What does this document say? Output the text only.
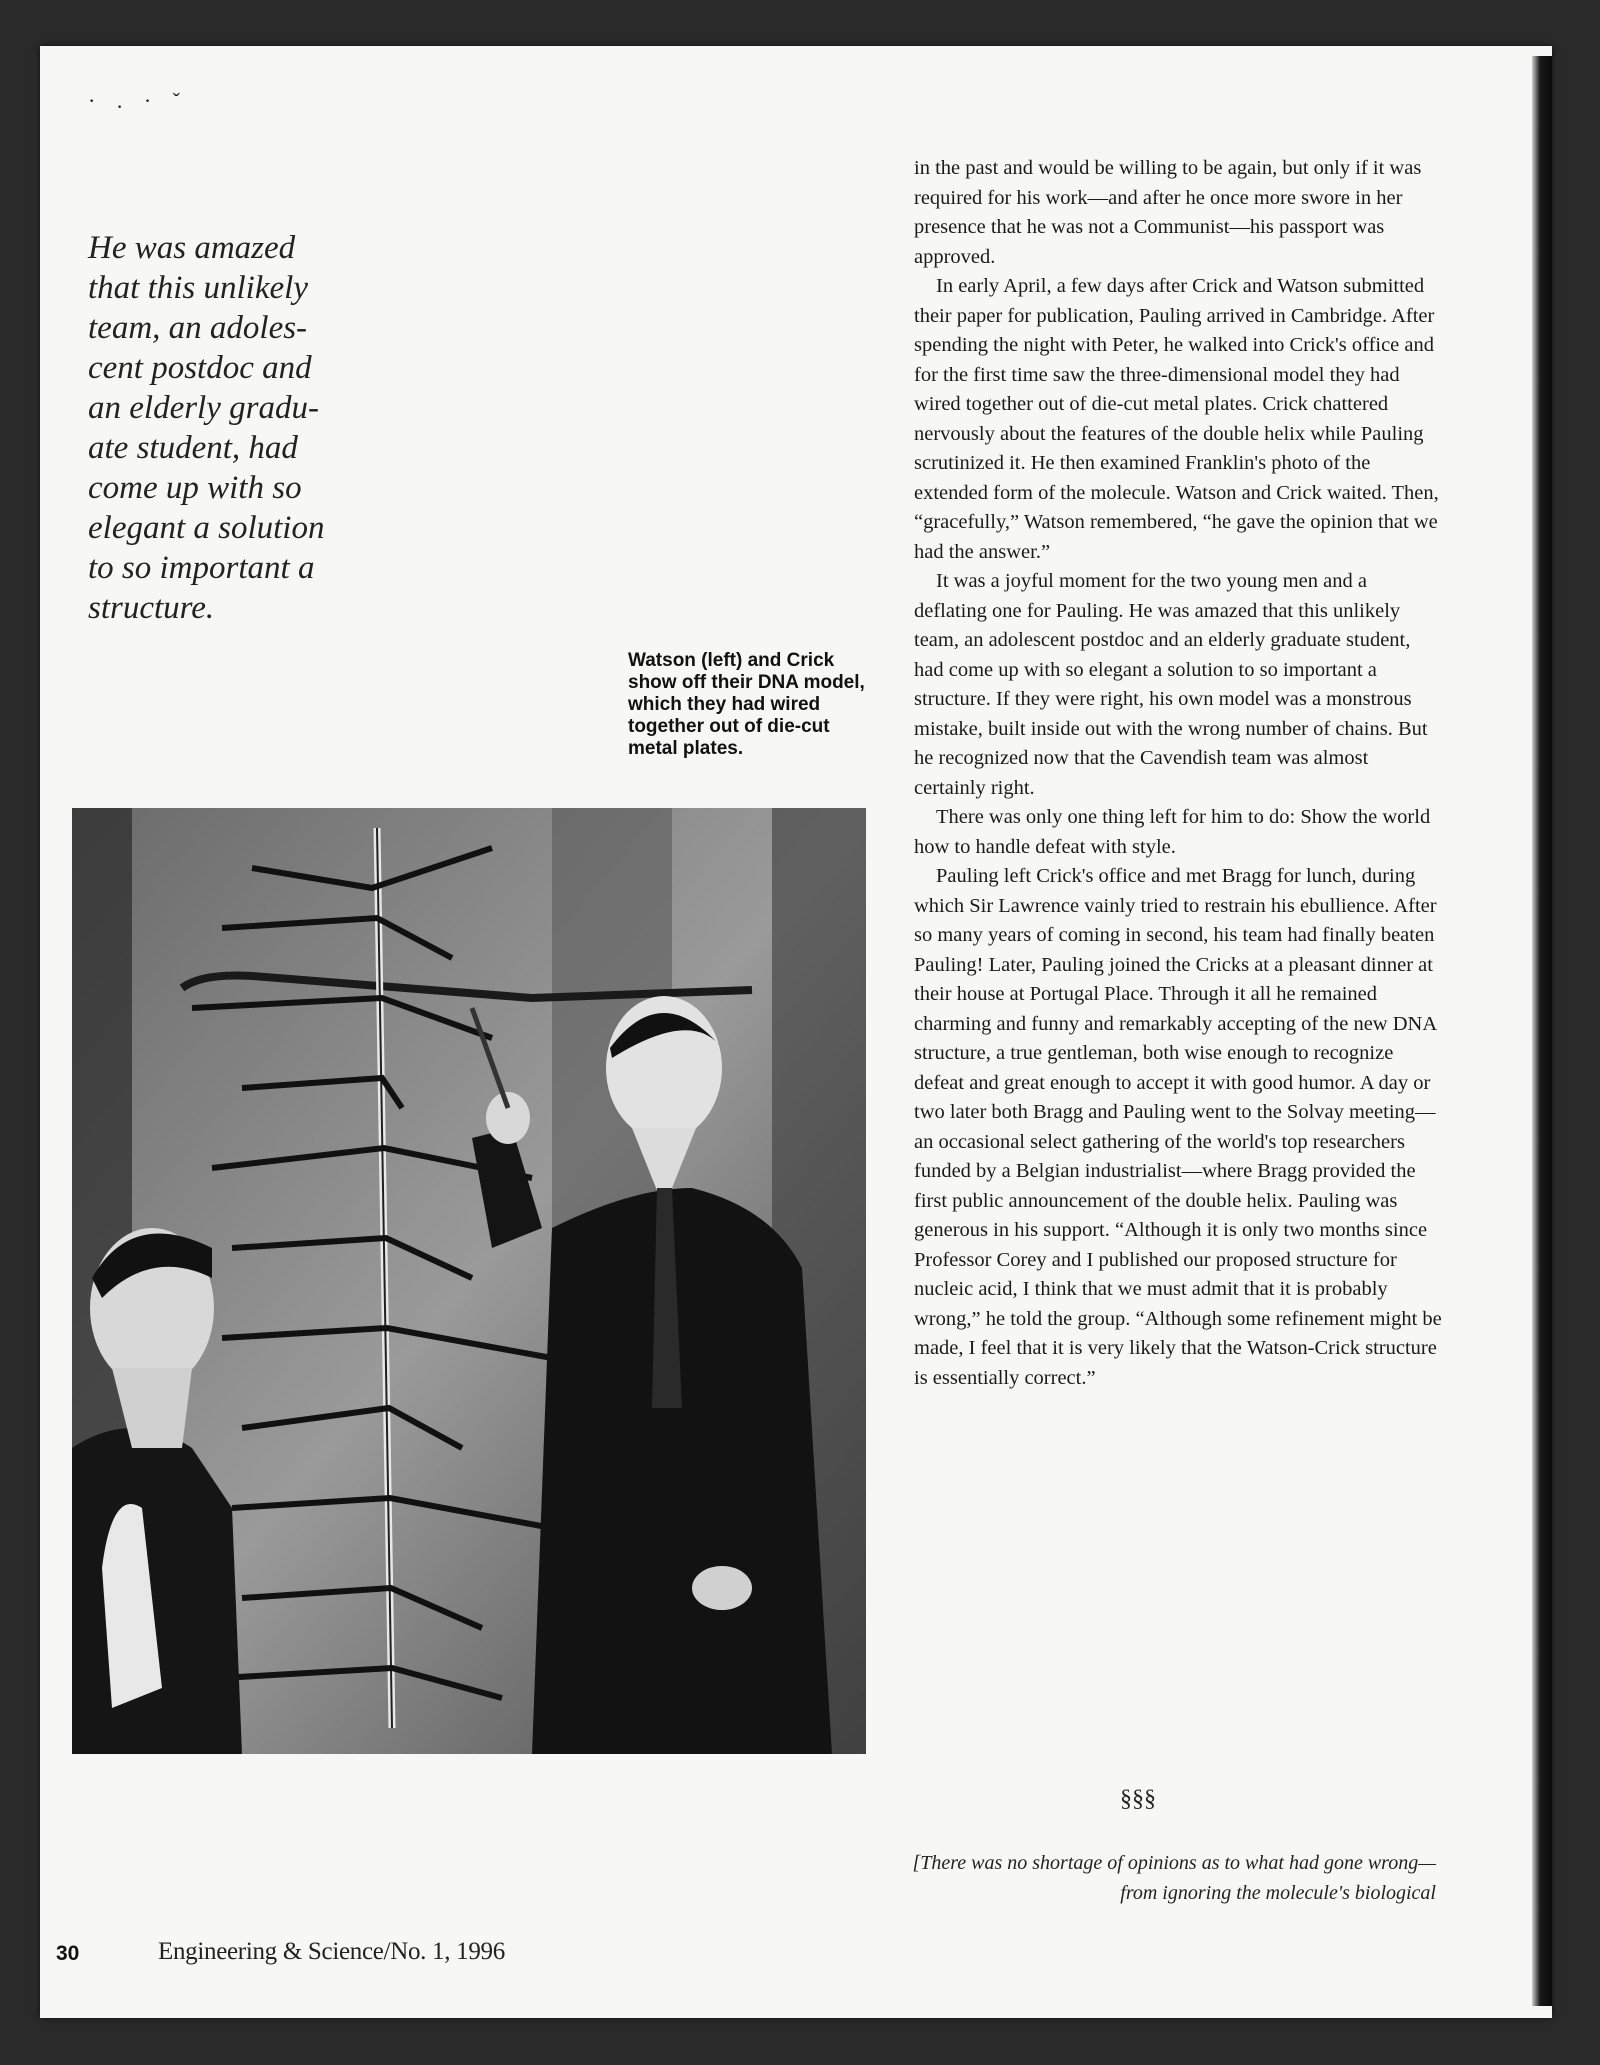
· . · ˇ
He was amazed
that this unlikely
team, an adoles-
cent postdoc and
an elderly gradu-
ate student, had
come up with so
elegant a solution
to so important a
structure.
Watson (left) and Crick show off their DNA model, which they had wired together out of die-cut metal plates.

in the past and would be willing to be again, but only if it was required for his work—and after he once more swore in her presence that he was not a Communist—his passport was approved.

In early April, a few days after Crick and Watson submitted their paper for publication, Pauling arrived in Cambridge. After spending the night with Peter, he walked into Crick's office and for the first time saw the three-dimensional model they had wired together out of die-cut metal plates. Crick chattered nervously about the features of the double helix while Pauling scrutinized it. He then examined Franklin's photo of the extended form of the molecule. Watson and Crick waited. Then, “gracefully,” Watson remembered, “he gave the opinion that we had the answer.”

It was a joyful moment for the two young men and a deflating one for Pauling. He was amazed that this unlikely team, an adolescent postdoc and an elderly graduate student, had come up with so elegant a solution to so important a structure. If they were right, his own model was a monstrous mistake, built inside out with the wrong number of chains. But he recognized now that the Cavendish team was almost certainly right.

There was only one thing left for him to do: Show the world how to handle defeat with style.

Pauling left Crick's office and met Bragg for lunch, during which Sir Lawrence vainly tried to restrain his ebullience. After so many years of coming in second, his team had finally beaten Pauling! Later, Pauling joined the Cricks at a pleasant dinner at their house at Portugal Place. Through it all he remained charming and funny and remarkably accepting of the new DNA structure, a true gentleman, both wise enough to recognize defeat and great enough to accept it with good humor. A day or two later both Bragg and Pauling went to the Solvay meeting—an occasional select gathering of the world's top researchers funded by a Belgian industrialist—where Bragg provided the first public announcement of the double helix. Pauling was generous in his support. “Although it is only two months since Professor Corey and I published our proposed structure for nucleic acid, I think that we must admit that it is probably wrong,” he told the group. “Although some refinement might be made, I feel that it is very likely that the Watson-Crick structure is essentially correct.”

§§§
[There was no shortage of opinions as to what had gone wrong—from ignoring the molecule's biological
30	Engineering & Science/No. 1, 1996
